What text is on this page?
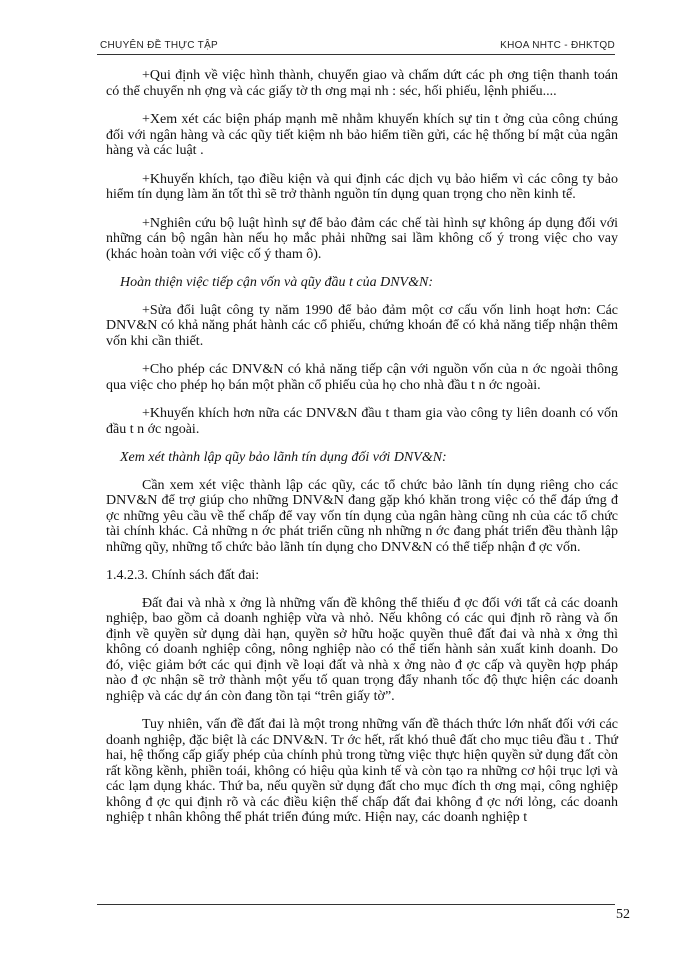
CHUYÊN ĐỀ THỰC TẬP	KHOA NHTC - ĐHKTQD

+Qui định về việc hình thành, chuyển giao và chấm dứt các ph ơng tiện thanh toán có thể chuyển nh ợng và các giấy tờ th ơng mại nh : séc, hối phiếu, lệnh phiếu....

+Xem xét các biện pháp mạnh mẽ nhằm khuyến khích sự tin t ởng của công chúng đối với ngân hàng và các qũy tiết kiệm nh bảo hiểm tiền gửi, các hệ thống bí mật của ngân hàng và các luật .

+Khuyến khích, tạo điều kiện và qui định các dịch vụ bảo hiểm vì các công ty bảo hiểm tín dụng làm ăn tốt thì sẽ trở thành nguồn tín dụng quan trọng cho nền kinh tế.

+Nghiên cứu bộ luật hình sự để bảo đảm các chế tài hình sự không áp dụng đối với những cán bộ ngân hàn nếu họ mắc phải những sai lầm không cố ý trong việc cho vay (khác hoàn toàn với việc cố ý tham ô).

Hoàn thiện việc tiếp cận vốn và qũy đầu t của DNV&N:

+Sửa đổi luật công ty năm 1990 để bảo đảm một cơ cấu vốn linh hoạt hơn: Các DNV&N có khả năng phát hành các cổ phiếu, chứng khoán để có khả năng tiếp nhận thêm vốn khi cần thiết.

+Cho phép các DNV&N có khả năng tiếp cận với nguồn vốn của n ớc ngoài thông qua việc cho phép họ bán một phần cổ phiếu của họ cho nhà đầu t n ớc ngoài.

+Khuyến khích hơn nữa các DNV&N đầu t tham gia vào công ty liên doanh có vốn đầu t n ớc ngoài.

Xem xét thành lập qũy bảo lãnh tín dụng đối với DNV&N:

Cần xem xét việc thành lập các qũy, các tổ chức bảo lãnh tín dụng riêng cho các DNV&N để trợ giúp cho những DNV&N đang gặp khó khăn trong việc có thể đáp ứng đ ợc những yêu cầu về thế chấp để vay vốn tín dụng của ngân hàng cũng nh của các tổ chức tài chính khác. Cả những n ớc phát triển cũng nh những n ớc đang phát triển đều thành lập những qũy, những tổ chức bảo lãnh tín dụng cho DNV&N có thể tiếp nhận đ ợc vốn.

1.4.2.3. Chính sách đất đai:

Đất đai và nhà x ởng là những vấn đề không thể thiếu đ ợc đối với tất cả các doanh nghiệp, bao gồm cả doanh nghiệp vừa và nhỏ. Nếu không có các qui định rõ ràng và ổn định về quyền sử dụng dài hạn, quyền sở hữu hoặc quyền thuê đất đai và nhà x ởng thì không có doanh nghiệp công, nông nghiệp nào có thể tiến hành sản xuất kinh doanh. Do đó, việc giảm bớt các qui định về loại đất và nhà x ởng nào đ ợc cấp và quyền hợp pháp nào đ ợc nhận sẽ trở thành một yếu tố quan trọng đẩy nhanh tốc độ thực hiện các doanh nghiệp và các dự án còn đang tồn tại “trên giấy tờ”.

Tuy nhiên, vấn đề đất đai là một trong những vấn đề thách thức lớn nhất đối với các doanh nghiệp, đặc biệt là các DNV&N. Tr ớc hết, rất khó thuê đất cho mục tiêu đầu t . Thứ hai, hệ thống cấp giấy phép của chính phủ trong từng việc thực hiện quyền sử dụng đất còn rất kồng kềnh, phiền toái, không có hiệu qủa kinh tế và còn tạo ra những cơ hội trục lợi và các lạm dụng khác. Thứ ba, nếu quyền sử dụng đất cho mục đích th ơng mại, công nghiệp không đ ợc qui định rõ và các điều kiện thế chấp đất đai không đ ợc nới lỏng, các doanh nghiệp t nhân không thể phát triển đúng mức. Hiện nay, các doanh nghiệp t

52
